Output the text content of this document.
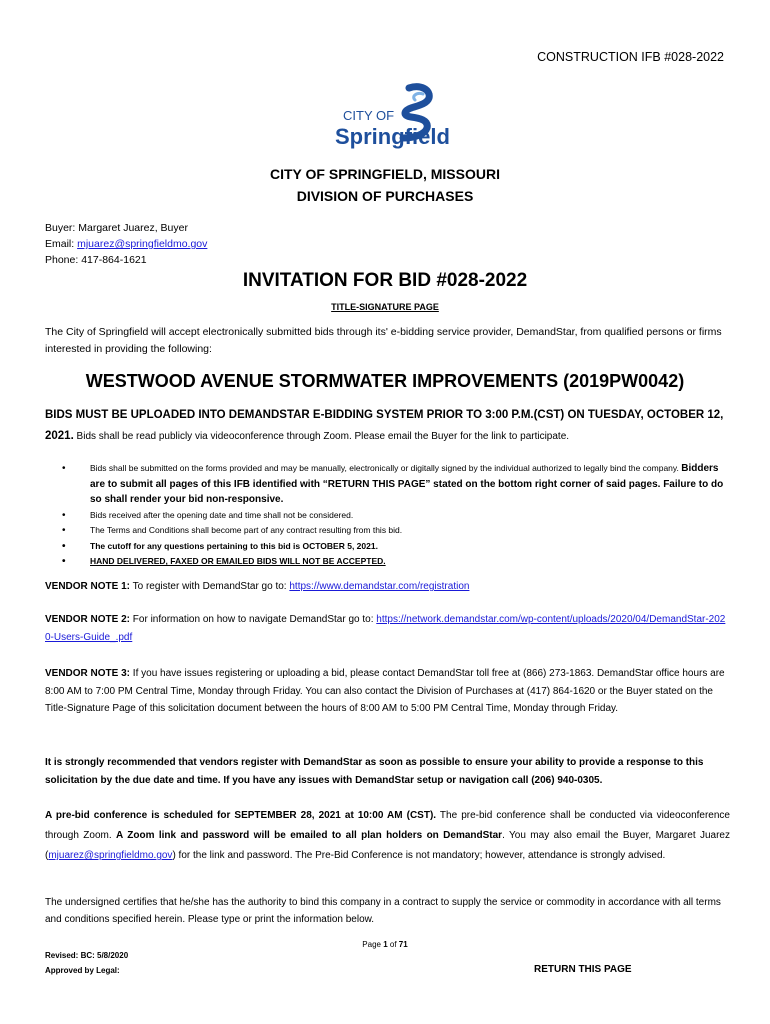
CONSTRUCTION IFB #028-2022
CITY OF
Springfield
CITY OF SPRINGFIELD, MISSOURI
DIVISION OF PURCHASES
Buyer: Margaret Juarez, Buyer
Email: mjuarez@springfieldmo.gov
Phone: 417-864-1621
INVITATION FOR BID #028-2022
TITLE-SIGNATURE PAGE
The City of Springfield will accept electronically submitted bids through its' e-bidding service provider, DemandStar, from qualified persons or firms interested in providing the following:
WESTWOOD AVENUE STORMWATER IMPROVEMENTS (2019PW0042)
BIDS MUST BE UPLOADED INTO DEMANDSTAR E-BIDDING SYSTEM PRIOR TO 3:00 P.M.(CST) ON TUESDAY, OCTOBER 12, 2021. Bids shall be read publicly via videoconference through Zoom. Please email the Buyer for the link to participate.
• Bids shall be submitted on the forms provided and may be manually, electronically or digitally signed by the individual authorized to legally bind the company. Bidders are to submit all pages of this IFB identified with “RETURN THIS PAGE” stated on the bottom right corner of said pages. Failure to do so shall render your bid non-responsive.
• Bids received after the opening date and time shall not be considered.
• The Terms and Conditions shall become part of any contract resulting from this bid.
• The cutoff for any questions pertaining to this bid is OCTOBER 5, 2021.
• HAND DELIVERED, FAXED OR EMAILED BIDS WILL NOT BE ACCEPTED.
VENDOR NOTE 1: To register with DemandStar go to: https://www.demandstar.com/registration
VENDOR NOTE 2: For information on how to navigate DemandStar go to: https://network.demandstar.com/wp-content/uploads/2020/04/DemandStar-2020-Users-Guide_.pdf
VENDOR NOTE 3: If you have issues registering or uploading a bid, please contact DemandStar toll free at (866) 273-1863. DemandStar office hours are 8:00 AM to 7:00 PM Central Time, Monday through Friday. You can also contact the Division of Purchases at (417) 864-1620 or the Buyer stated on the Title-Signature Page of this solicitation document between the hours of 8:00 AM to 5:00 PM Central Time, Monday through Friday.
It is strongly recommended that vendors register with DemandStar as soon as possible to ensure your ability to provide a response to this solicitation by the due date and time. If you have any issues with DemandStar setup or navigation call (206) 940-0305.
A pre-bid conference is scheduled for SEPTEMBER 28, 2021 at 10:00 AM (CST). The pre-bid conference shall be conducted via videoconference through Zoom. A Zoom link and password will be emailed to all plan holders on DemandStar. You may also email the Buyer, Margaret Juarez (mjuarez@springfieldmo.gov) for the link and password. The Pre-Bid Conference is not mandatory; however, attendance is strongly advised.
The undersigned certifies that he/she has the authority to bind this company in a contract to supply the service or commodity in accordance with all terms and conditions specified herein. Please type or print the information below.
Page 1 of 71
Revised: BC: 5/8/2020
Approved by Legal:	RETURN THIS PAGE
